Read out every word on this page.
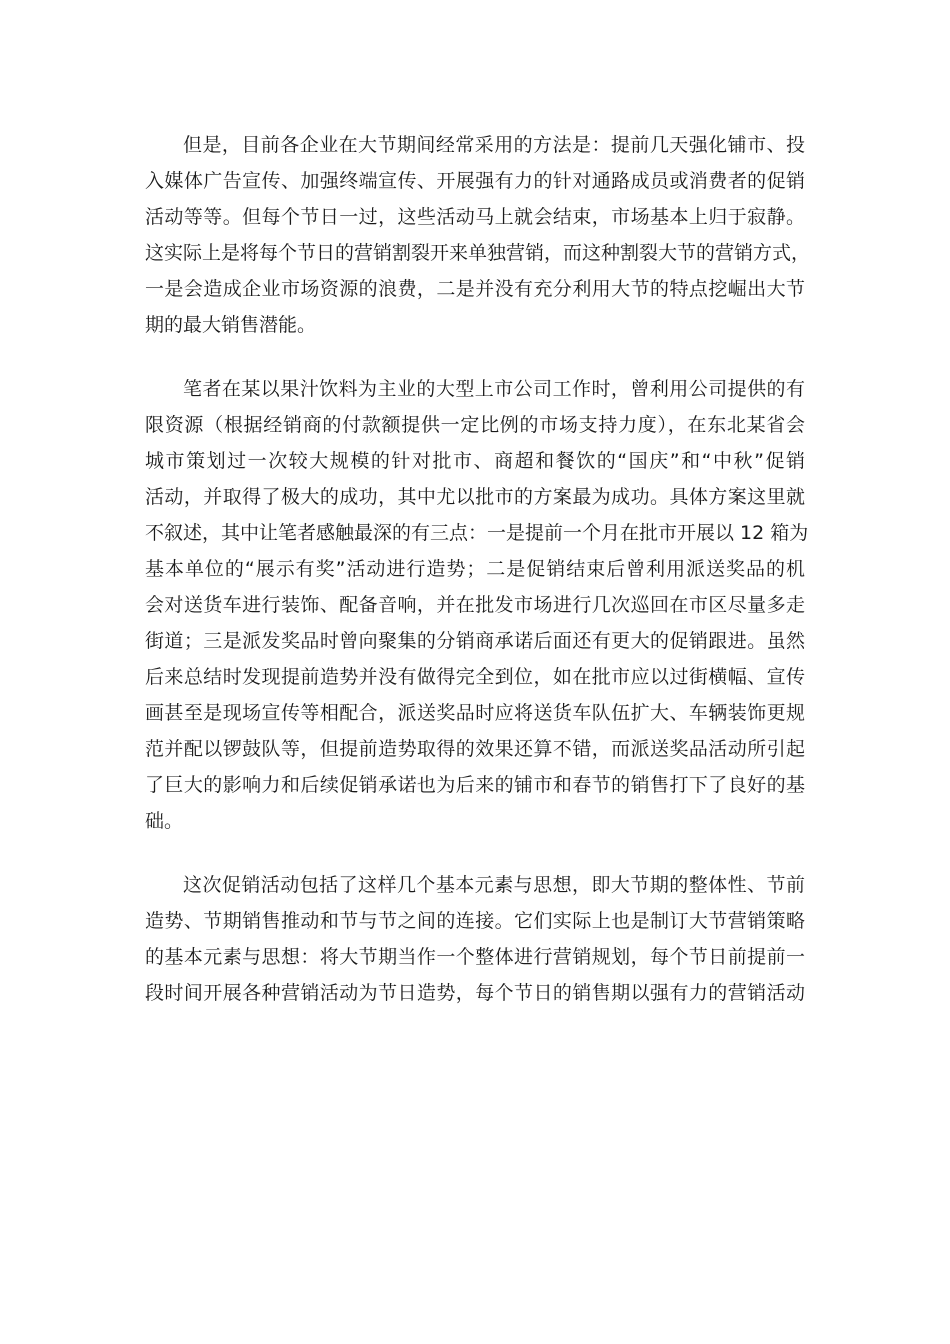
但是，目前各企业在大节期间经常采用的方法是：提前几天强化铺市、投
入媒体广告宣传、加强终端宣传、开展强有力的针对通路成员或消费者的促销
活动等等。但每个节日一过，这些活动马上就会结束，市场基本上归于寂静。
这实际上是将每个节日的营销割裂开来单独营销，而这种割裂大节的营销方式，
一是会造成企业市场资源的浪费，二是并没有充分利用大节的特点挖崛出大节
期的最大销售潜能。
笔者在某以果汁饮料为主业的大型上市公司工作时，曾利用公司提供的有
限资源（根据经销商的付款额提供一定比例的市场支持力度），在东北某省会
城市策划过一次较大规模的针对批市、商超和餐饮的“国庆”和“中秋”促销
活动，并取得了极大的成功，其中尤以批市的方案最为成功。具体方案这里就
不叙述，其中让笔者感触最深的有三点：一是提前一个月在批市开展以 12 箱为
基本单位的“展示有奖”活动进行造势；二是促销结束后曾利用派送奖品的机
会对送货车进行装饰、配备音响，并在批发市场进行几次巡回在市区尽量多走
街道；三是派发奖品时曾向聚集的分销商承诺后面还有更大的促销跟进。虽然
后来总结时发现提前造势并没有做得完全到位，如在批市应以过街横幅、宣传
画甚至是现场宣传等相配合，派送奖品时应将送货车队伍扩大、车辆装饰更规
范并配以锣鼓队等，但提前造势取得的效果还算不错，而派送奖品活动所引起
了巨大的影响力和后续促销承诺也为后来的铺市和春节的销售打下了良好的基
础。
这次促销活动包括了这样几个基本元素与思想，即大节期的整体性、节前
造势、节期销售推动和节与节之间的连接。它们实际上也是制订大节营销策略
的基本元素与思想：将大节期当作一个整体进行营销规划，每个节日前提前一
段时间开展各种营销活动为节日造势，每个节日的销售期以强有力的营销活动
